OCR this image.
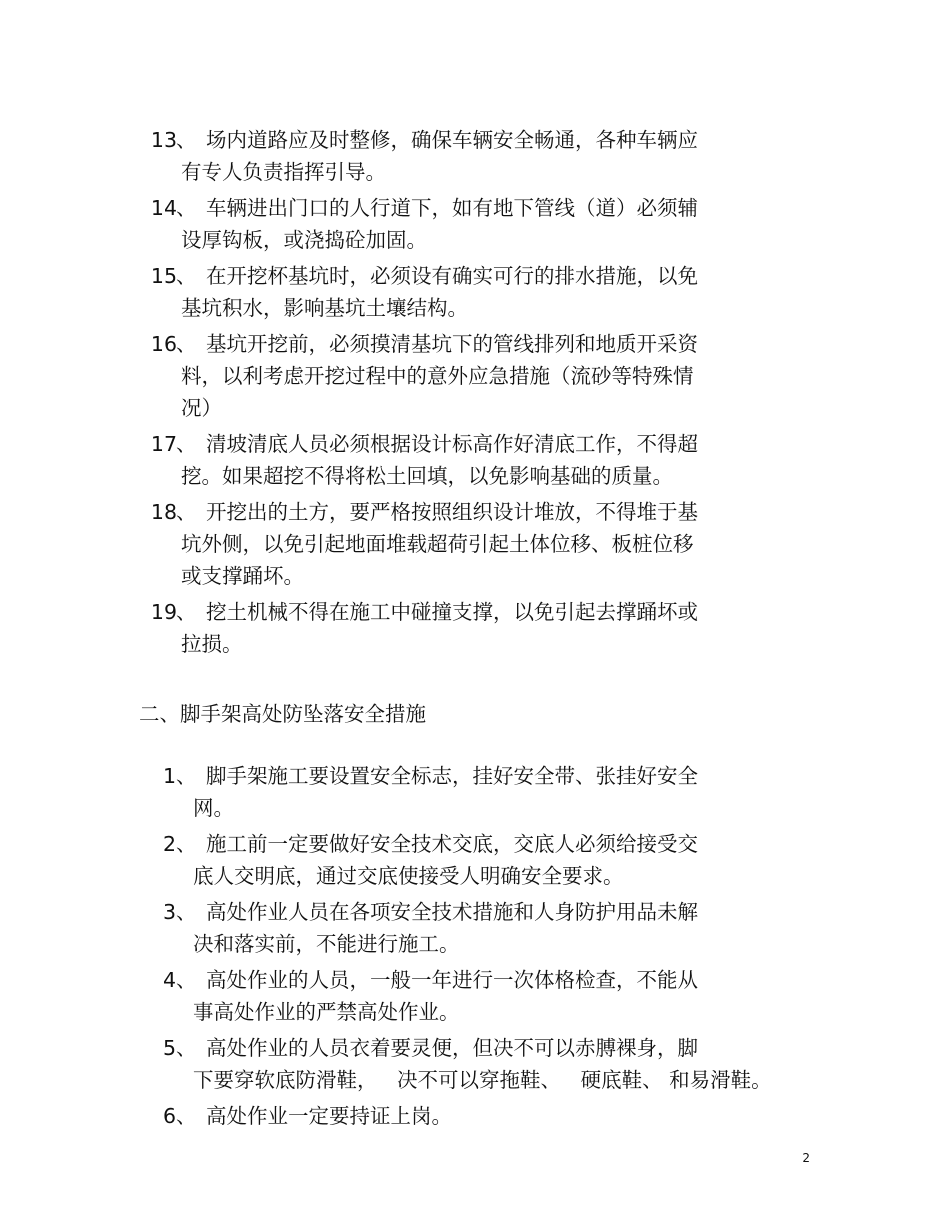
13 、 场内道路应及时整修，确保车辆安全畅通，各种车辆应
有专人负责指挥引导。
14 、 车辆进出门口的人行道下，如有地下管线（道）必须辅
设厚钩板，或浇捣砼加固。
15 、 在开挖杯基坑时，必须设有确实可行的排水措施，以免
基坑积水，影响基坑土壤结构。
16 、 基坑开挖前，必须摸清基坑下的管线排列和地质开采资
料，以利考虑开挖过程中的意外应急措施（流砂等特殊情
况）
17 、 清坡清底人员必须根据设计标高作好清底工作，不得超
挖。如果超挖不得将松土回填，以免影响基础的质量。
18 、 开挖出的土方，要严格按照组织设计堆放，不得堆于基
坑外侧，以免引起地面堆载超荷引起土体位移、板桩位移
或支撑踊坏。
19 、 挖土机械不得在施工中碰撞支撑，以免引起去撑踊坏或
拉损。
二、脚手架高处防坠落安全措施
1 、 脚手架施工要设置安全标志，挂好安全带、张挂好安全
网。
2 、 施工前一定要做好安全技术交底，交底人必须给接受交
底人交明底，通过交底使接受人明确安全要求。
3 、 高处作业人员在各项安全技术措施和人身防护用品未解
决和落实前，不能进行施工。
4 、 高处作业的人员，一般一年进行一次体格检查，不能从
事高处作业的严禁高处作业。
5 、 高处作业的人员衣着要灵便，但决不可以赤膊裸身，脚
下要穿软底防滑鞋，   决不可以穿拖鞋、   硬底鞋、 和易滑鞋。
6 、 高处作业一定要持证上岗。
2
